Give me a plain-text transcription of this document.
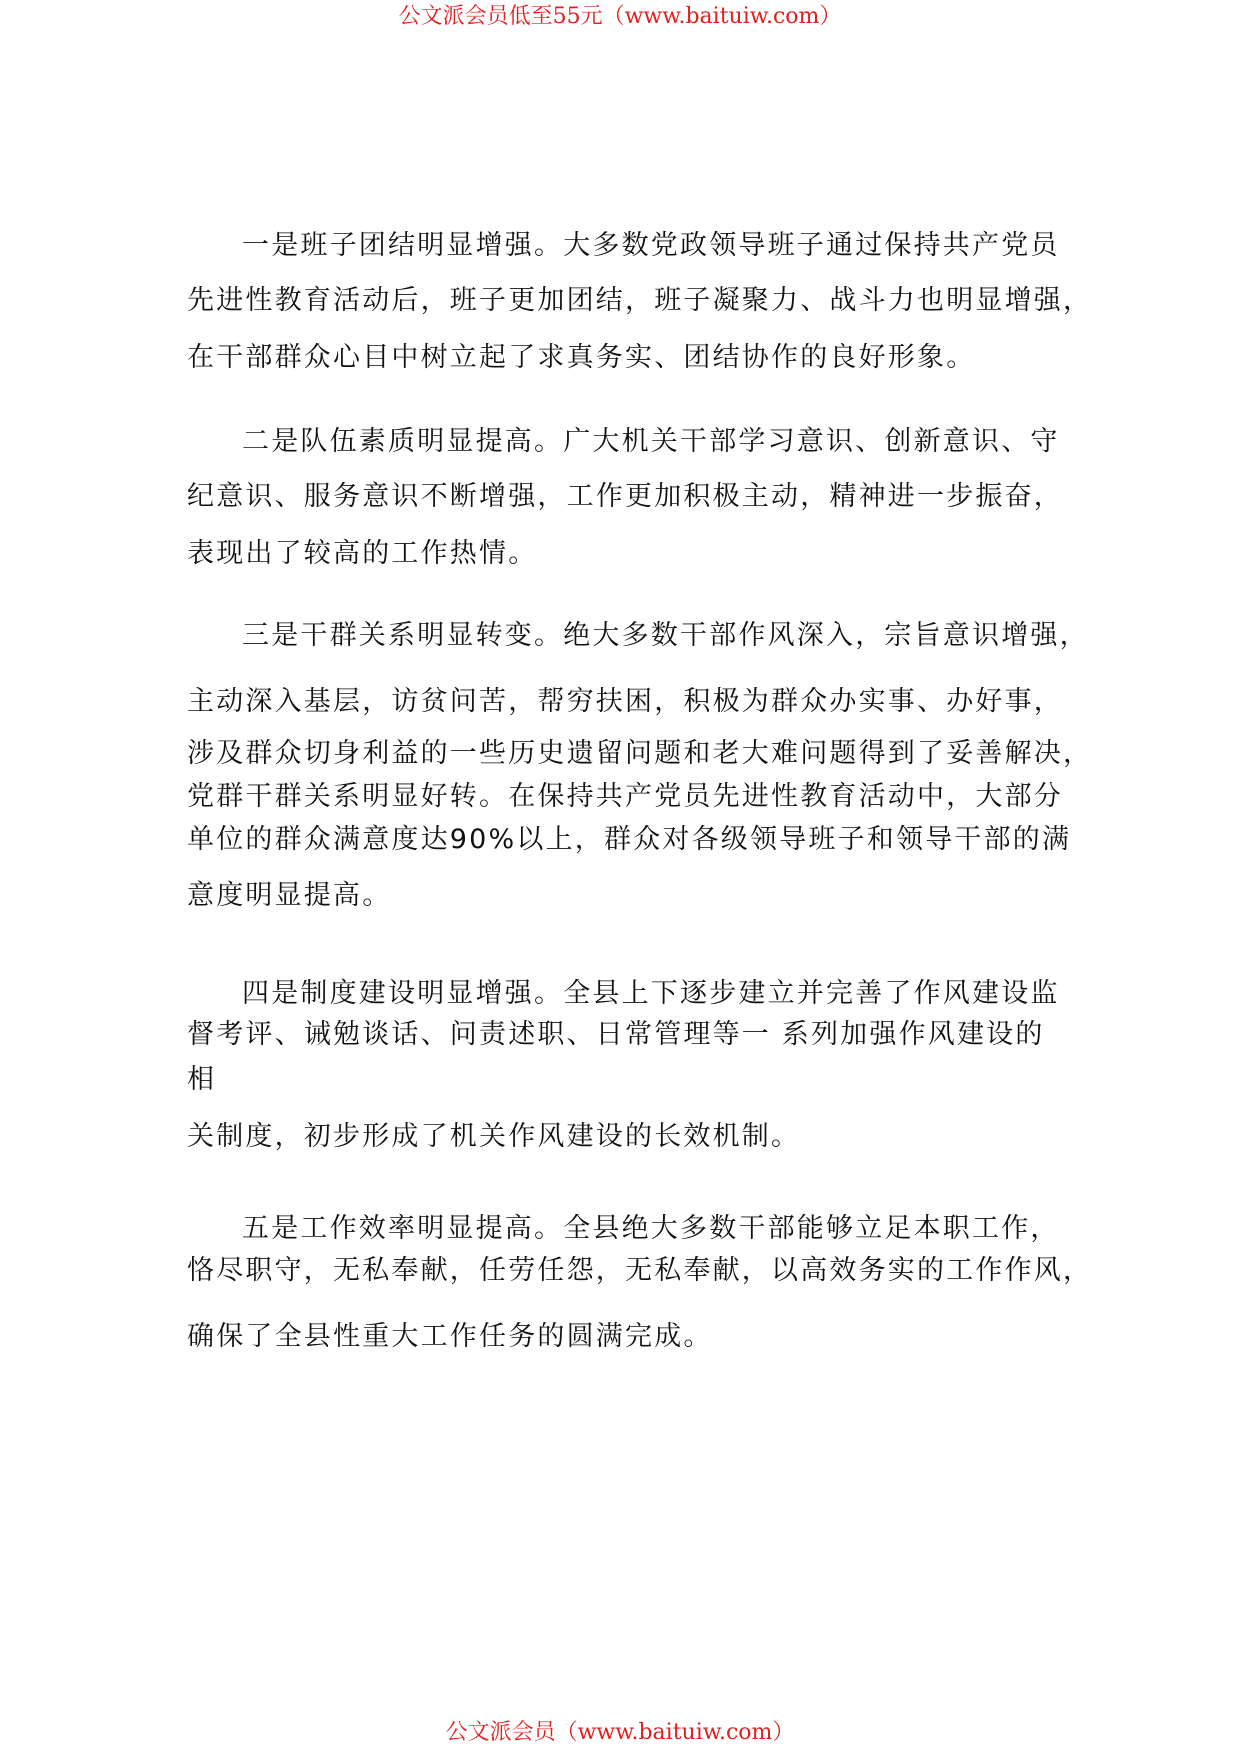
公文派会员低至55元（www.baituiw.com）
一是班子团结明显增强。大多数党政领导班子通过保持共产党员
先进性教育活动后，班子更加团结，班子凝聚力、战斗力也明显增强，
在干部群众心目中树立起了求真务实、团结协作的良好形象。
二是队伍素质明显提高。广大机关干部学习意识、创新意识、守
纪意识、服务意识不断增强，工作更加积极主动，精神进一步振奋，
表现出了较高的工作热情。
三是干群关系明显转变。绝大多数干部作风深入，宗旨意识增强，
主动深入基层，访贫问苦，帮穷扶困，积极为群众办实事、办好事，
涉及群众切身利益的一些历史遗留问题和老大难问题得到了妥善解决，
党群干群关系明显好转。在保持共产党员先进性教育活动中，大部分
单位的群众满意度达90%以上，群众对各级领导班子和领导干部的满
意度明显提高。
四是制度建设明显增强。全县上下逐步建立并完善了作风建设监
督考评、诫勉谈话、问责述职、日常管理等一 系列加强作风建设的
相
关制度，初步形成了机关作风建设的长效机制。
五是工作效率明显提高。全县绝大多数干部能够立足本职工作，
恪尽职守，无私奉献，任劳任怨，无私奉献，以高效务实的工作作风，
确保了全县性重大工作任务的圆满完成。
公文派会员（www.baituiw.com）
